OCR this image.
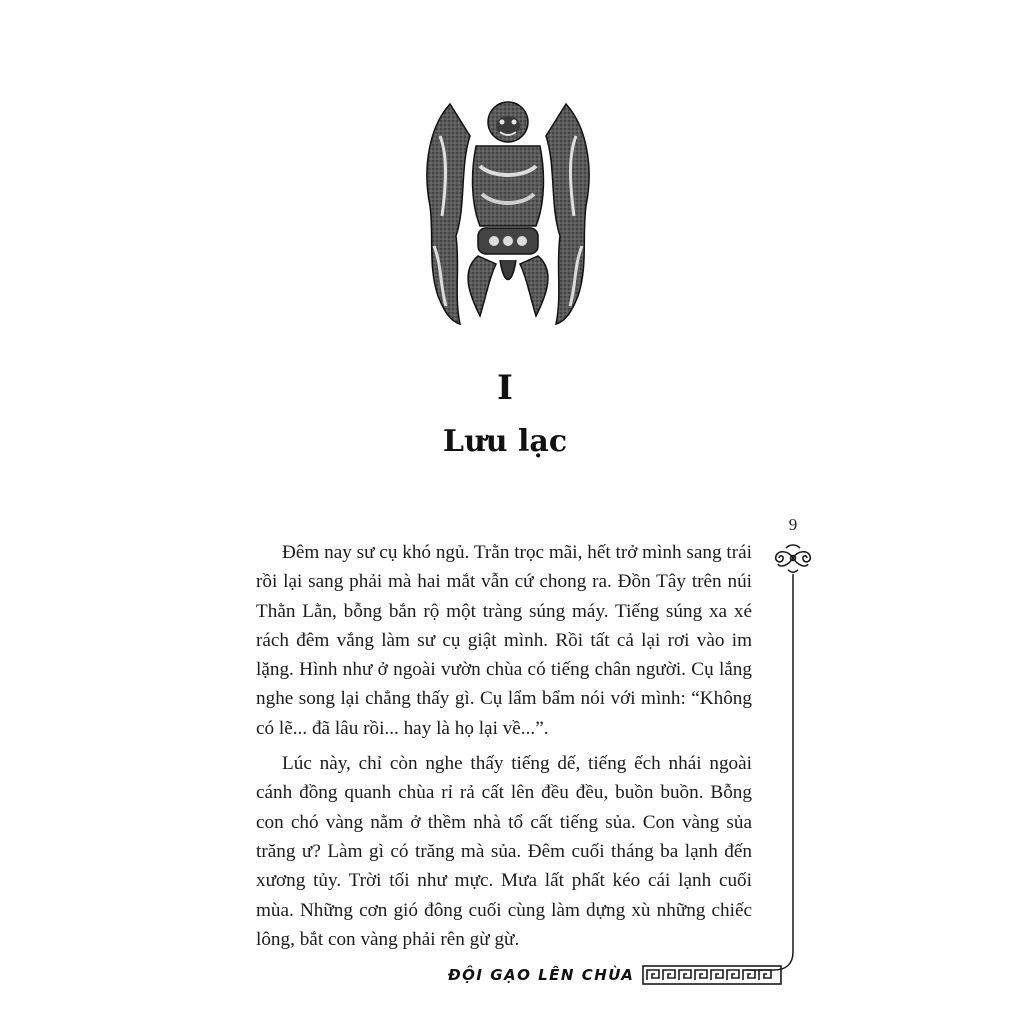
I
Lưu lạc
9

Đêm nay sư cụ khó ngủ. Trằn trọc mãi, hết trở mình sang trái rồi lại sang phải mà hai mắt vẫn cứ chong ra. Đồn Tây trên núi Thằn Lằn, bỗng bắn rộ một tràng súng máy. Tiếng súng xa xé rách đêm vắng làm sư cụ giật mình. Rồi tất cả lại rơi vào im lặng. Hình như ở ngoài vườn chùa có tiếng chân người. Cụ lắng nghe song lại chẳng thấy gì. Cụ lẩm bẩm nói với mình: “Không có lẽ... đã lâu rồi... hay là họ lại về...”.

Lúc này, chỉ còn nghe thấy tiếng dế, tiếng ếch nhái ngoài cánh đồng quanh chùa rỉ rả cất lên đều đều, buồn buồn. Bỗng con chó vàng nằm ở thềm nhà tổ cất tiếng sủa. Con vàng sủa trăng ư? Làm gì có trăng mà sủa. Đêm cuối tháng ba lạnh đến xương tủy. Trời tối như mực. Mưa lất phất kéo cái lạnh cuối mùa. Những cơn gió đông cuối cùng làm dựng xù những chiếc lông, bắt con vàng phải rên gừ gừ.

ĐỘI GẠO LÊN CHÙA
